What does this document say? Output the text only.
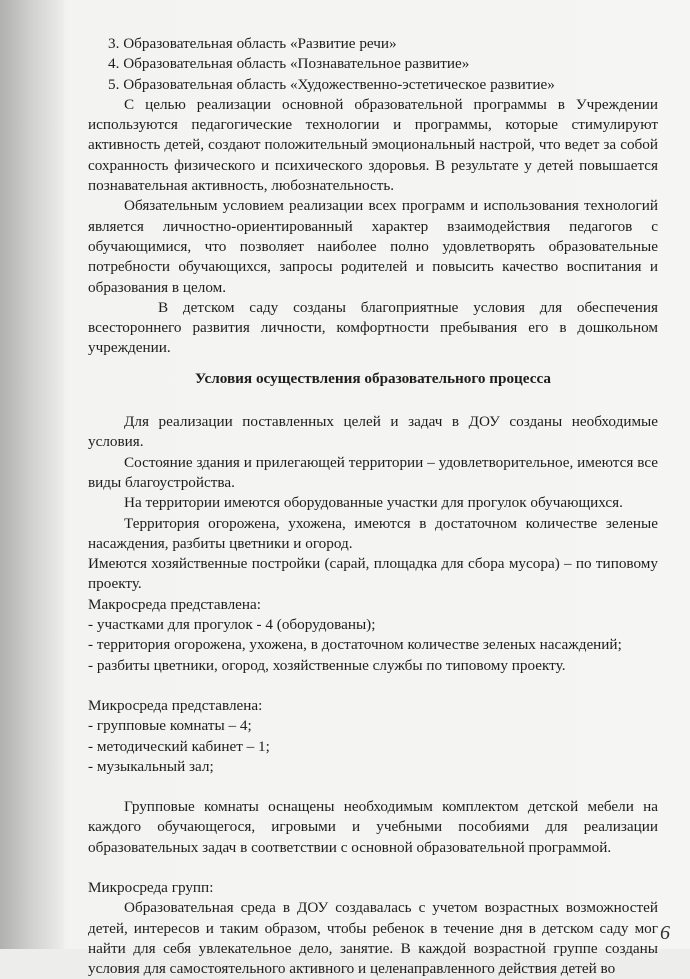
3. Образовательная область «Развитие речи»
4. Образовательная область «Познавательное развитие»
5. Образовательная область «Художественно-эстетическое развитие»

С целью реализации основной образовательной программы в Учреждении используются педагогические технологии и программы, которые стимулируют активность детей, создают положительный эмоциональный настрой, что ведет за собой сохранность физического и психического здоровья. В результате у детей повышается познавательная активность, любознательность.

Обязательным условием реализации всех программ и использования технологий является личностно-ориентированный характер взаимодействия педагогов с обучающимися, что позволяет наиболее полно удовлетворять образовательные потребности обучающихся, запросы родителей и повысить качество воспитания и образования в целом.

В детском саду созданы благоприятные условия для обеспечения всестороннего развития личности, комфортности пребывания его в дошкольном учреждении.

Условия осуществления образовательного процесса

Для реализации поставленных целей и задач в ДОУ созданы необходимые условия.

Состояние здания и прилегающей территории – удовлетворительное, имеются все виды благоустройства.

На территории имеются оборудованные участки для прогулок обучающихся.

Территория огорожена, ухожена, имеются в достаточном количестве зеленые насаждения, разбиты цветники и огород.

Имеются хозяйственные постройки (сарай, площадка для сбора мусора) – по типовому проекту.

Макросреда представлена:

- участками для прогулок - 4 (оборудованы);

- территория огорожена, ухожена, в достаточном количестве зеленых насаждений;

- разбиты цветники, огород, хозяйственные службы по типовому проекту.

Микросреда представлена:

- групповые комнаты – 4;

- методический кабинет – 1;

- музыкальный зал;

Групповые комнаты оснащены необходимым комплектом детской мебели на каждого обучающегося, игровыми и учебными пособиями для реализации образовательных задач в соответствии с основной образовательной программой.

Микросреда групп:

Образовательная среда в ДОУ создавалась с учетом возрастных возможностей детей, интересов и таким образом, чтобы ребенок в течение дня в детском саду мог найти для себя увлекательное дело, занятие. В каждой возрастной группе созданы условия для самостоятельного активного и целенаправленного действия детей во

6
